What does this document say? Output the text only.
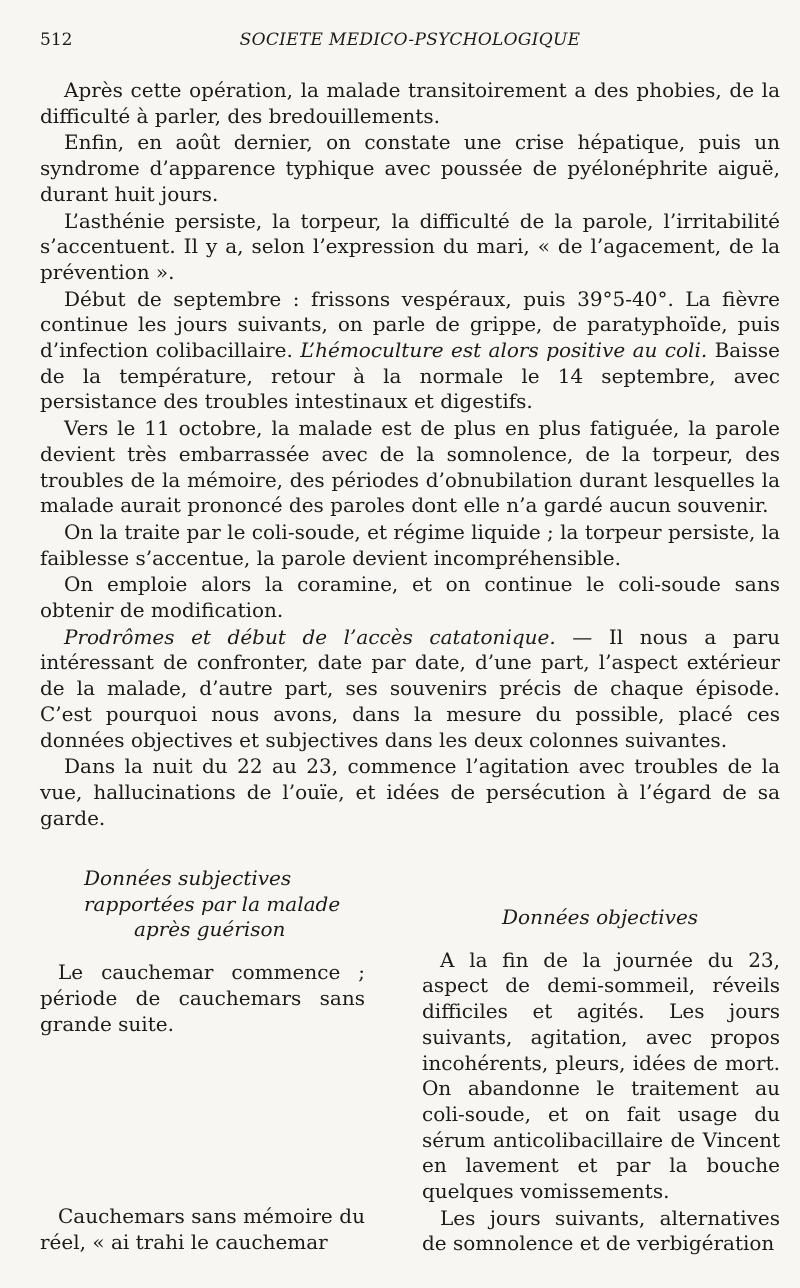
512	SOCIETE MEDICO-PSYCHOLOGIQUE

Après cette opération, la malade transitoirement a des phobies, de la difficulté à parler, des bredouillements.

Enfin, en août dernier, on constate une crise hépatique, puis un syndrome d’apparence typhique avec poussée de pyélonéphrite aiguë, durant huit jours.

L’asthénie persiste, la torpeur, la difficulté de la parole, l’irritabilité s’accentuent. Il y a, selon l’expression du mari, « de l’agacement, de la prévention ».

Début de septembre : frissons vespéraux, puis 39°5-40°. La fièvre continue les jours suivants, on parle de grippe, de paratyphoïde, puis d’infection colibacillaire. L’hémoculture est alors positive au coli. Baisse de la température, retour à la normale le 14 septembre, avec persistance des troubles intestinaux et digestifs.

Vers le 11 octobre, la malade est de plus en plus fatiguée, la parole devient très embarrassée avec de la somnolence, de la torpeur, des troubles de la mémoire, des périodes d’obnubilation durant lesquelles la malade aurait prononcé des paroles dont elle n’a gardé aucun souvenir.

On la traite par le coli-soude, et régime liquide ; la torpeur persiste, la faiblesse s’accentue, la parole devient incompréhensible.

On emploie alors la coramine, et on continue le coli-soude sans obtenir de modification.

Prodrômes et début de l’accès catatonique. — Il nous a paru intéressant de confronter, date par date, d’une part, l’aspect extérieur de la malade, d’autre part, ses souvenirs précis de chaque épisode. C’est pourquoi nous avons, dans la mesure du possible, placé ces données objectives et subjectives dans les deux colonnes suivantes.

Dans la nuit du 22 au 23, commence l’agitation avec troubles de la vue, hallucinations de l’ouïe, et idées de persécution à l’égard de sa garde.

Données subjectives
rapportées par la malade
après guérison

Le cauchemar commence ; période de cauchemars sans grande suite.

Cauchemars sans mémoire du réel, « ai trahi le cauchemar

Données objectives

A la fin de la journée du 23, aspect de demi-sommeil, réveils difficiles et agités. Les jours suivants, agitation, avec propos incohérents, pleurs, idées de mort. On abandonne le traitement au coli-soude, et on fait usage du sérum anticolibacillaire de Vincent en lavement et par la bouche quelques vomissements.

Les jours suivants, alternatives de somnolence et de verbigération
